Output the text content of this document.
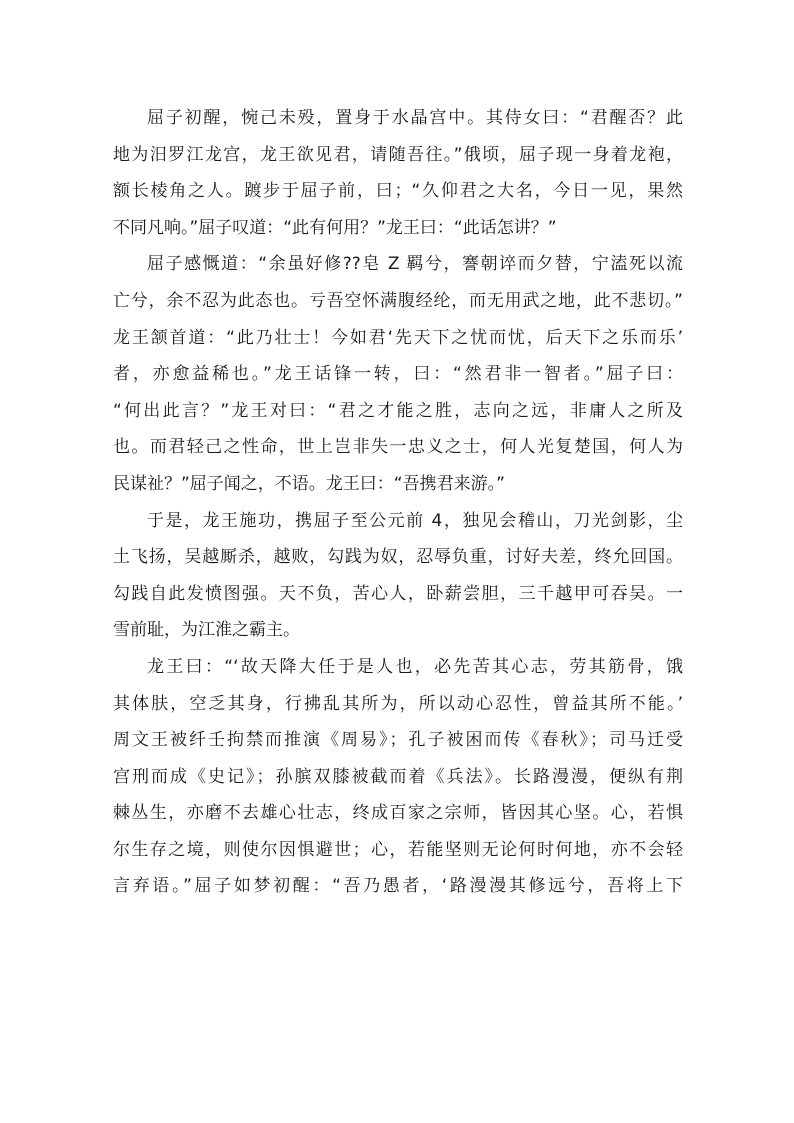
屈子初醒，惋己未殁，置身于水晶宫中。其侍女曰：“君醒否？此
地为汨罗江龙宫，龙王欲见君，请随吾往。”俄顷，屈子现一身着龙袍，
额长棱角之人。踱步于屈子前，曰；“久仰君之大名，今日一见，果然
不同凡响。”屈子叹道：“此有何用？”龙王曰：“此话怎讲？”
屈子感慨道：“余虽好修??皂 Z 羁兮，謇朝谇而夕替，宁溘死以流
亡兮，余不忍为此态也。亏吾空怀满腹经纶，而无用武之地，此不悲切。”
龙王颔首道：“此乃壮士！今如君‘先天下之忧而忧，后天下之乐而乐’
者，亦愈益稀也。”龙王话锋一转，曰：“然君非一智者。”屈子曰：
“何出此言？”龙王对曰：“君之才能之胜，志向之远，非庸人之所及
也。而君轻己之性命，世上岂非失一忠义之士，何人光复楚国，何人为
民谋祉？”屈子闻之，不语。龙王曰：“吾携君来游。”
于是，龙王施功，携屈子至公元前 4，独见会稽山，刀光剑影，尘
土飞扬，吴越厮杀，越败，勾践为奴，忍辱负重，讨好夫差，终允回国。
勾践自此发愤图强。天不负，苦心人，卧薪尝胆，三千越甲可吞吴。一
雪前耻，为江淮之霸主。
龙王曰：“‘故天降大任于是人也，必先苦其心志，劳其筋骨，饿
其体肤，空乏其身，行拂乱其所为，所以动心忍性，曾益其所不能。’
周文王被纤壬拘禁而推演《周易》；孔子被困而传《春秋》；司马迁受
宫刑而成《史记》；孙膑双膝被截而着《兵法》。长路漫漫，便纵有荆
棘丛生，亦磨不去雄心壮志，终成百家之宗师，皆因其心坚。心，若惧
尔生存之境，则使尔因惧避世；心，若能坚则无论何时何地，亦不会轻
言弃语。”屈子如梦初醒：“吾乃愚者，‘路漫漫其修远兮，吾将上下
